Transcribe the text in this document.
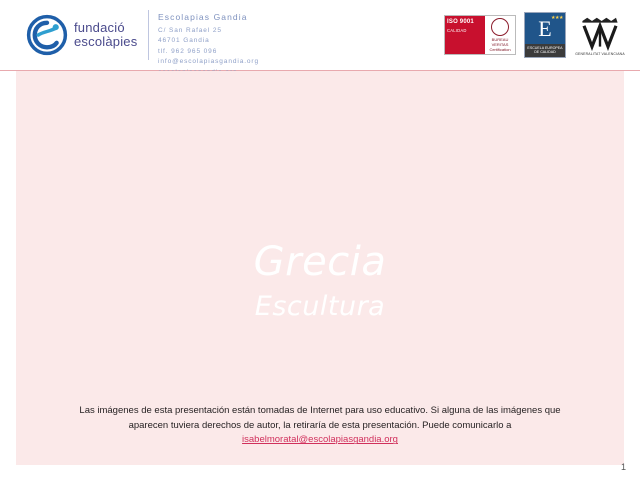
fundació
escolàpies
Escolapias Gandia
C/ San Rafael 25
46701 Gandia
tlf. 962 965 096
info@escolapiasgandia.org
ISO 9001
CALIDAD
BUREAU VERITAS
Certification
E ★★★
ESCUELA EUROPEA DE CALIDAD	GENERALITAT VALENCIANA
Grecia
Escultura
Las imágenes de esta presentación están tomadas de Internet para uso educativo. Si alguna de las imágenes que aparecen tuviera derechos de autor, la retiraría de esta presentación. Puede comunicarlo a
isabelmoratal@escolapiasgandia.org
1
